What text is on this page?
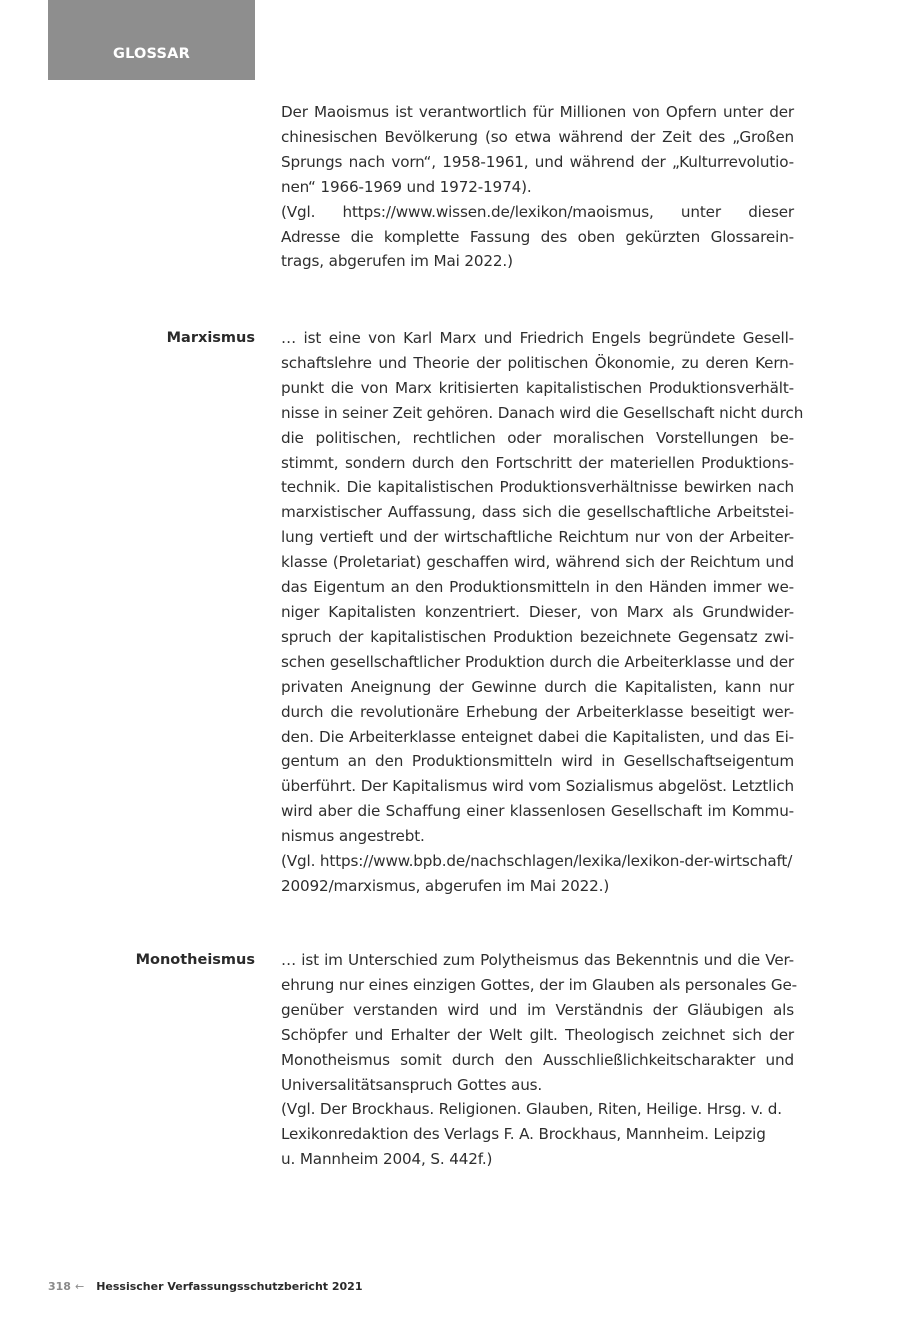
GLOSSAR
Der Maoismus ist verantwortlich für Millionen von Opfern unter der
chinesischen Bevölkerung (so etwa während der Zeit des „Großen
Sprungs nach vorn“, 1958-1961, und während der „Kulturrevolutio-
nen“ 1966-1969 und 1972-1974).
(Vgl. https://www.wissen.de/lexikon/maoismus, unter dieser
Adresse die komplette Fassung des oben gekürzten Glossarein-
trags, abgerufen im Mai 2022.)
Marxismus … ist eine von Karl Marx und Friedrich Engels begründete Gesell-
schaftslehre und Theorie der politischen Ökonomie, zu deren Kern-
punkt die von Marx kritisierten kapitalistischen Produktionsverhält-
nisse in seiner Zeit gehören. Danach wird die Gesellschaft nicht durch
die politischen, rechtlichen oder moralischen Vorstellungen be-
stimmt, sondern durch den Fortschritt der materiellen Produktions-
technik. Die kapitalistischen Produktionsverhältnisse bewirken nach
marxistischer Auffassung, dass sich die gesellschaftliche Arbeitstei-
lung vertieft und der wirtschaftliche Reichtum nur von der Arbeiter-
klasse (Proletariat) geschaffen wird, während sich der Reichtum und
das Eigentum an den Produktionsmitteln in den Händen immer we-
niger Kapitalisten konzentriert. Dieser, von Marx als Grundwider-
spruch der kapitalistischen Produktion bezeichnete Gegensatz zwi-
schen gesellschaftlicher Produktion durch die Arbeiterklasse und der
privaten Aneignung der Gewinne durch die Kapitalisten, kann nur
durch die revolutionäre Erhebung der Arbeiterklasse beseitigt wer-
den. Die Arbeiterklasse enteignet dabei die Kapitalisten, und das Ei-
gentum an den Produktionsmitteln wird in Gesellschaftseigentum
überführt. Der Kapitalismus wird vom Sozialismus abgelöst. Letztlich
wird aber die Schaffung einer klassenlosen Gesellschaft im Kommu-
nismus angestrebt.
(Vgl. https://www.bpb.de/nachschlagen/lexika/lexikon-der-wirtschaft/
20092/marxismus, abgerufen im Mai 2022.)
Monotheismus … ist im Unterschied zum Polytheismus das Bekenntnis und die Ver-
ehrung nur eines einzigen Gottes, der im Glauben als personales Ge-
genüber verstanden wird und im Verständnis der Gläubigen als
Schöpfer und Erhalter der Welt gilt. Theologisch zeichnet sich der
Monotheismus somit durch den Ausschließlichkeitscharakter und
Universalitätsanspruch Gottes aus.
(Vgl. Der Brockhaus. Religionen. Glauben, Riten, Heilige. Hrsg. v. d.
Lexikonredaktion des Verlags F. A. Brockhaus, Mannheim. Leipzig
u. Mannheim 2004, S. 442f.)
318 ← Hessischer Verfassungsschutzbericht 2021
